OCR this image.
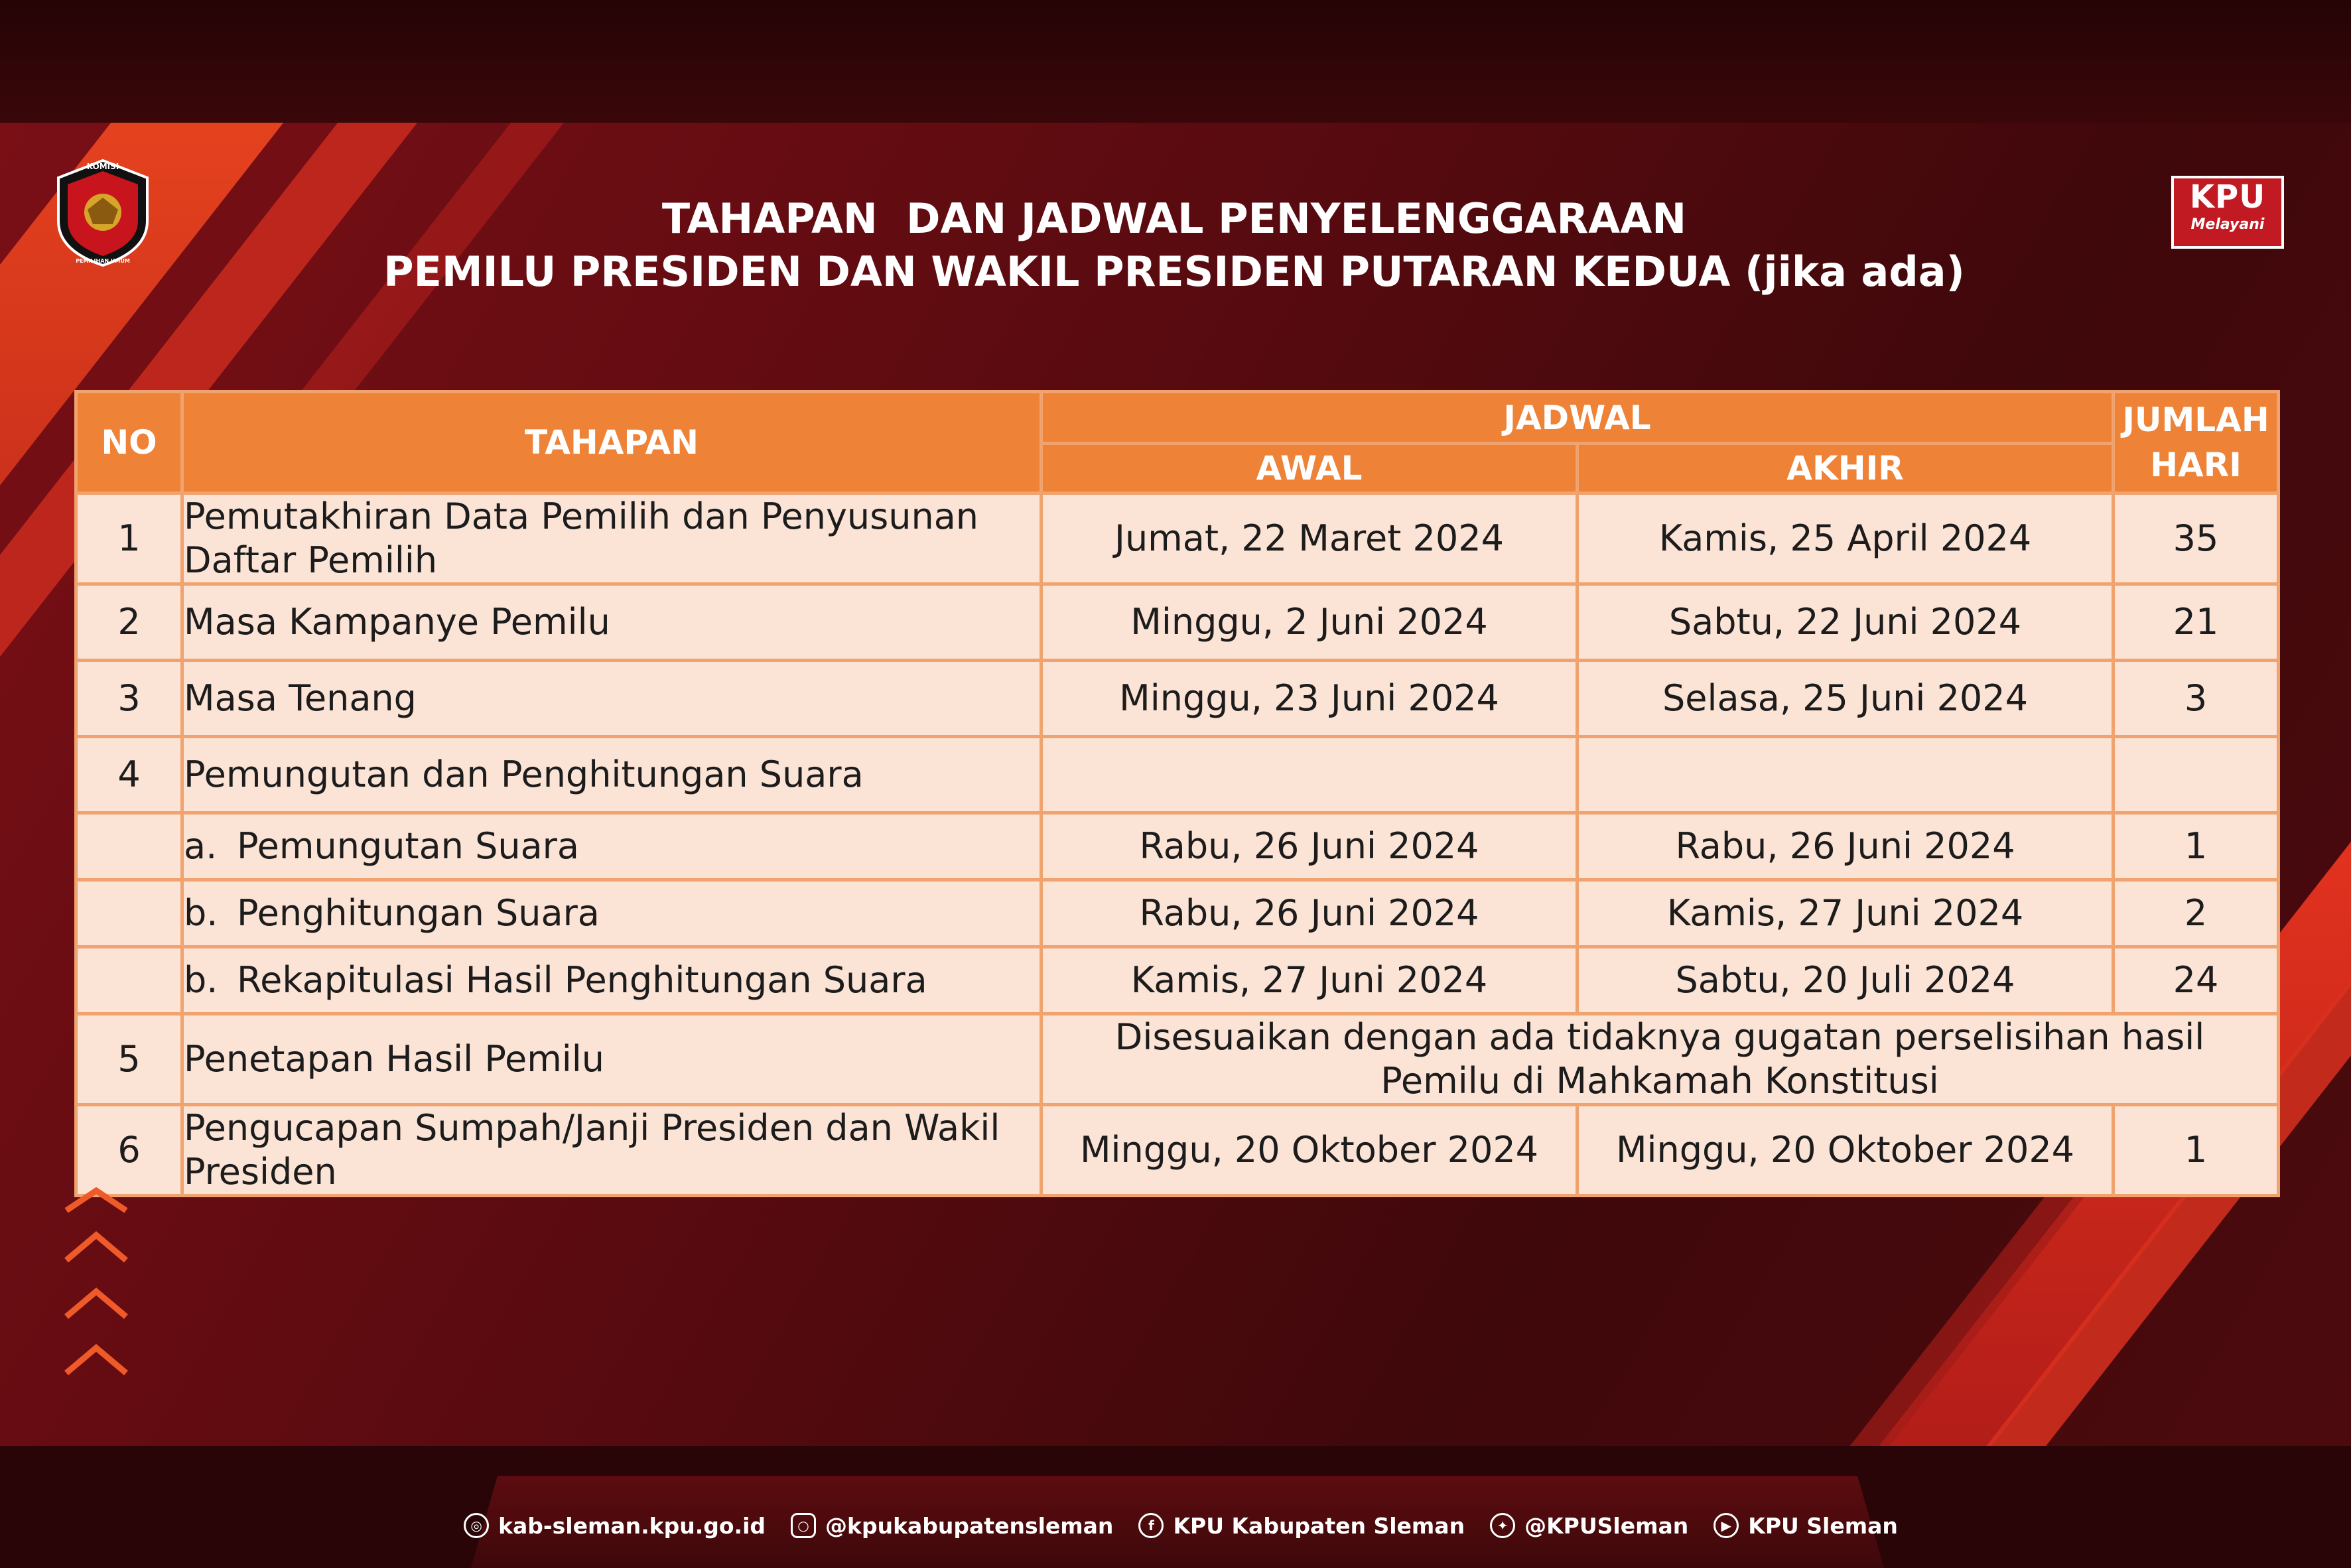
KOMISI
PEMILIHAN UMUM
KPU
Melayani
TAHAPAN  DAN JADWAL PENYELENGGARAAN
PEMILU PRESIDEN DAN WAKIL PRESIDEN PUTARAN KEDUA (jika ada)
NO	TAHAPAN	JADWAL		JUMLAH HARI
		AWAL	AKHIR	
1	Pemutakhiran Data Pemilih dan Penyusunan Daftar Pemilih	Jumat, 22 Maret 2024	Kamis, 25 April 2024	35
2	Masa Kampanye Pemilu	Minggu, 2 Juni 2024	Sabtu, 22 Juni 2024	21
3	Masa Tenang	Minggu, 23 Juni 2024	Selasa, 25 Juni 2024	3
4	Pemungutan dan Penghitungan Suara			
	a. Pemungutan Suara	Rabu, 26 Juni 2024	Rabu, 26 Juni 2024	1
	b. Penghitungan Suara	Rabu, 26 Juni 2024	Kamis, 27 Juni 2024	2
	b. Rekapitulasi Hasil Penghitungan Suara	Kamis, 27 Juni 2024	Sabtu, 20 Juli 2024	24
5	Penetapan Hasil Pemilu	Disesuaikan dengan ada tidaknya gugatan perselisihan hasil Pemilu di Mahkamah Konstitusi		
6	Pengucapan Sumpah/Janji Presiden dan Wakil Presiden	Minggu, 20 Oktober 2024	Minggu, 20 Oktober 2024	1
◎ kab-sleman.kpu.go.id	○ @kpukabupatensleman	f KPU Kabupaten Sleman	✦ @KPUSleman	▶ KPU Sleman
